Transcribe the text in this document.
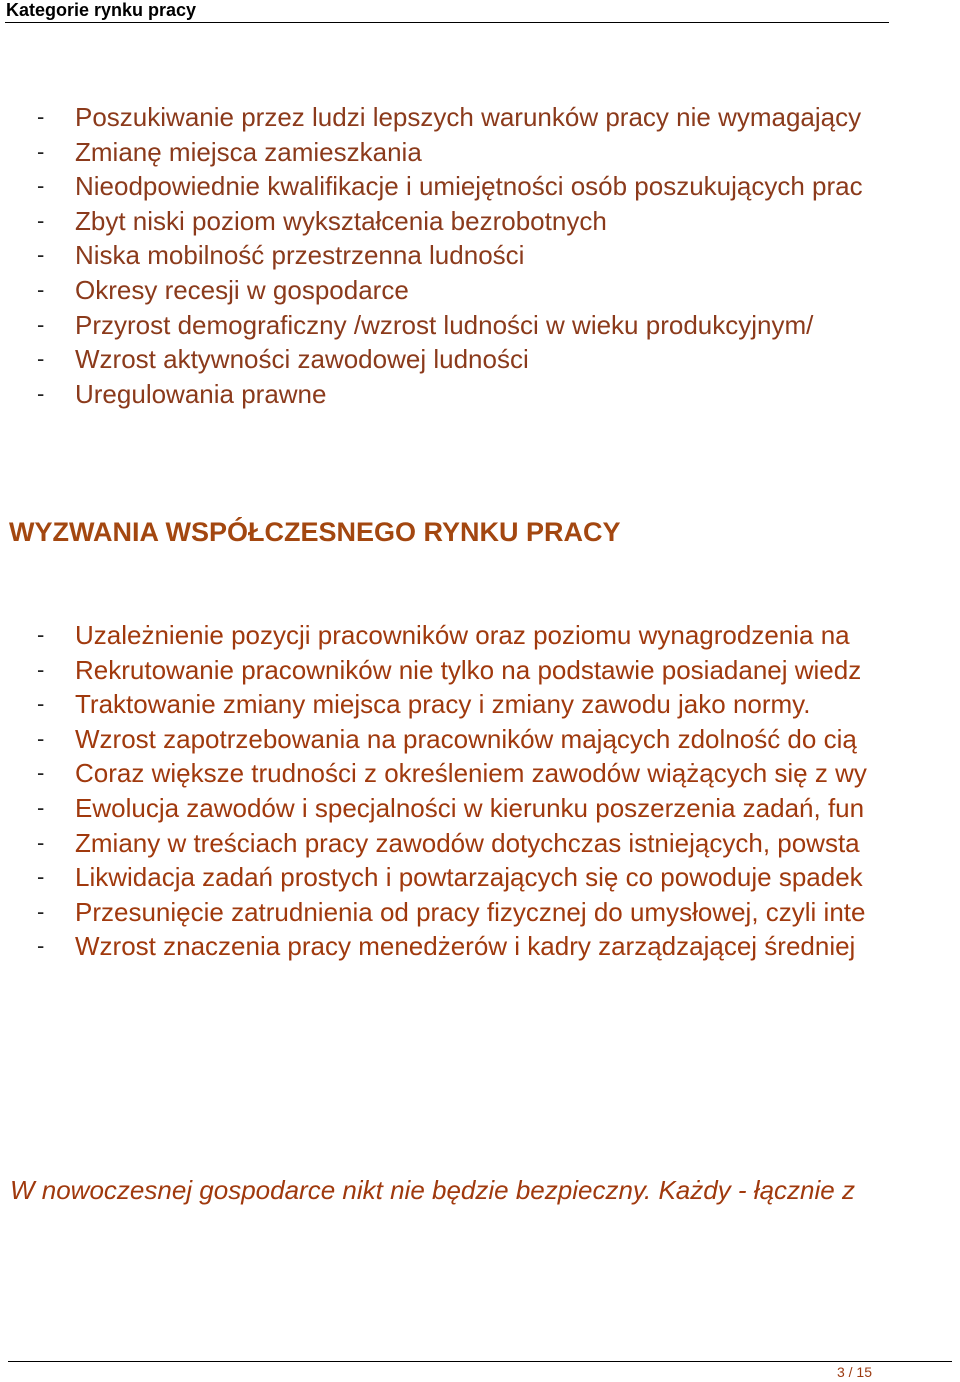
Kategorie rynku pracy
- Poszukiwanie przez ludzi lepszych warunków pracy nie wymagający
- Zmianę miejsca zamieszkania
- Nieodpowiednie kwalifikacje i umiejętności osób poszukujących prac
- Zbyt niski poziom wykształcenia bezrobotnych
- Niska mobilność przestrzenna ludności
- Okresy recesji w gospodarce
- Przyrost demograficzny /wzrost ludności w wieku produkcyjnym/
- Wzrost aktywności zawodowej ludności
- Uregulowania prawne
WYZWANIA WSPÓŁCZESNEGO RYNKU PRACY
- Uzależnienie pozycji pracowników oraz poziomu wynagrodzenia na
- Rekrutowanie pracowników nie tylko na podstawie posiadanej wiedz
- Traktowanie zmiany miejsca pracy i zmiany zawodu jako normy.
- Wzrost zapotrzebowania na pracowników mających zdolność do cią
- Coraz większe trudności z określeniem zawodów wiążących się z wy
- Ewolucja zawodów i specjalności w kierunku poszerzenia zadań, fun
- Zmiany w treściach pracy zawodów dotychczas istniejących, powsta
- Likwidacja zadań prostych i powtarzających się co powoduje spadek
- Przesunięcie zatrudnienia od pracy fizycznej do umysłowej, czyli inte
- Wzrost znaczenia pracy menedżerów i kadry zarządzającej średniej
W nowoczesnej gospodarce nikt nie będzie bezpieczny. Każdy - łącznie z
3 / 15
